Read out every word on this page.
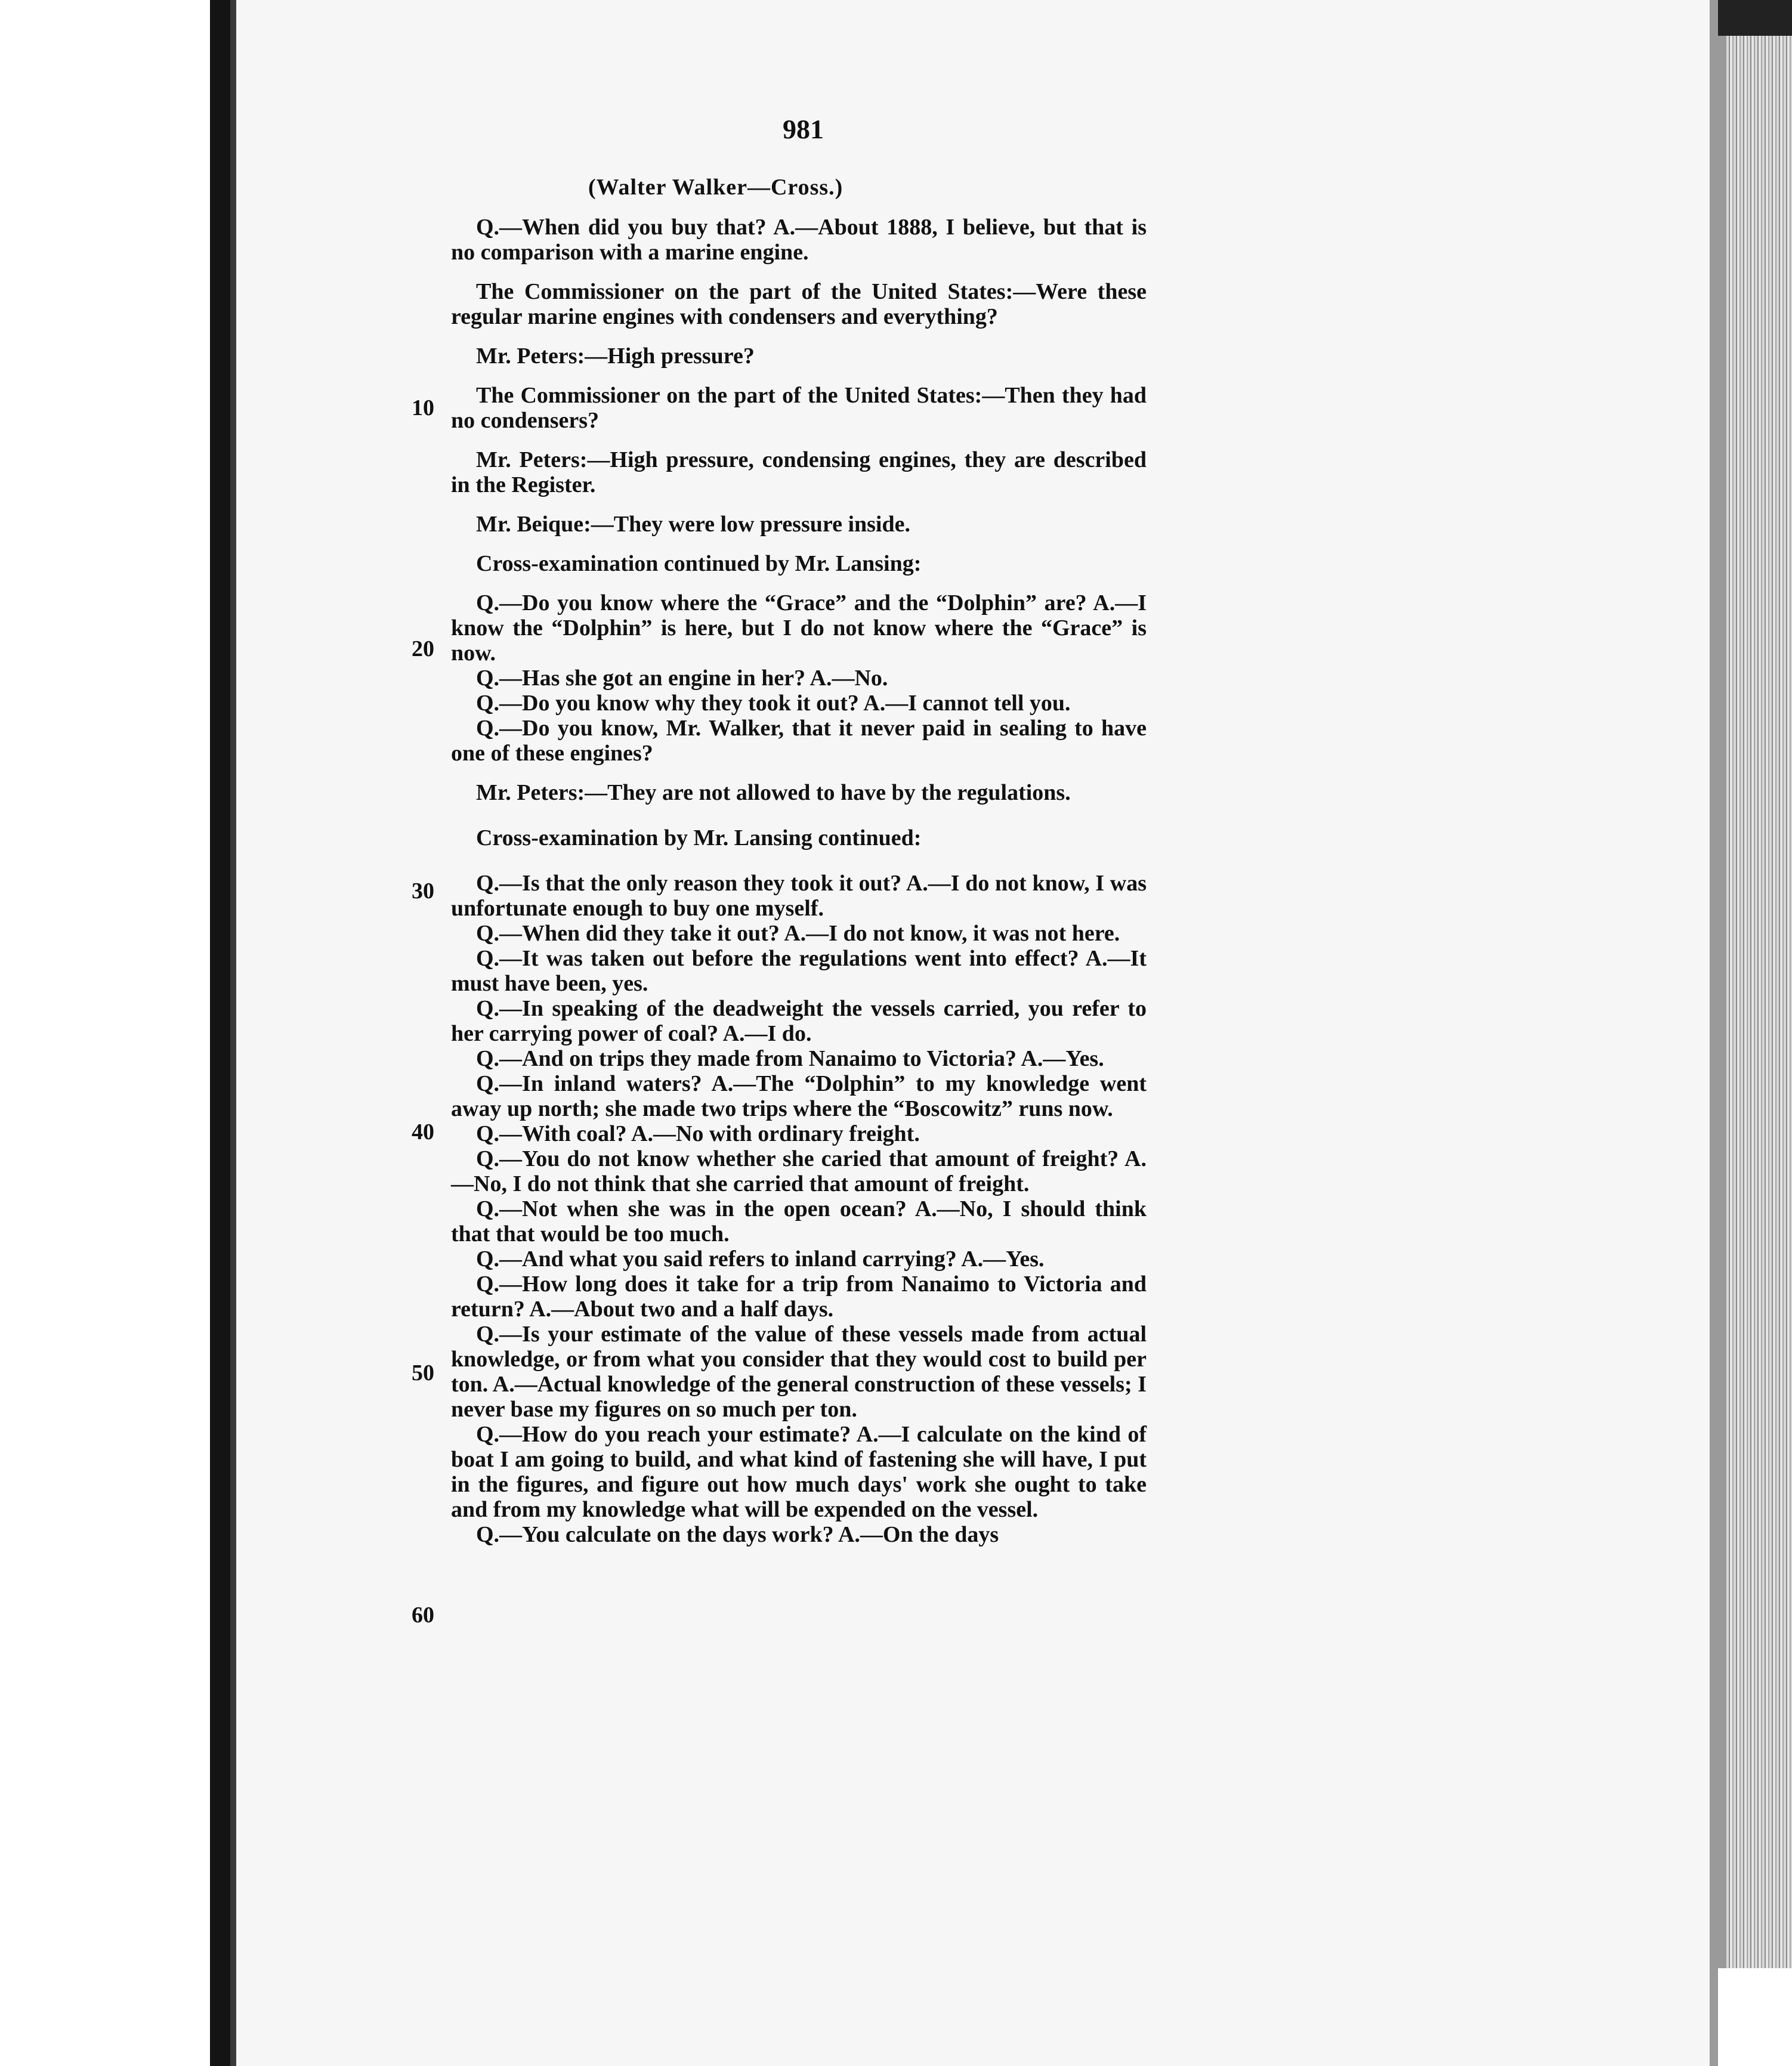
981
(Walter Walker—Cross.)
10
20
30
40
50
60

Q.—When did you buy that? A.—About 1888, I believe, but that is no comparison with a marine engine.

The Commissioner on the part of the United States:—Were these regular marine engines with condensers and everything?

Mr. Peters:—High pressure?

The Commissioner on the part of the United States:—Then they had no condensers?

Mr. Peters:—High pressure, condensing engines, they are described in the Register.

Mr. Beique:—They were low pressure inside.

Cross-examination continued by Mr. Lansing:

Q.—Do you know where the “Grace” and the “Dolphin” are? A.—I know the “Dolphin” is here, but I do not know where the “Grace” is now.

Q.—Has she got an engine in her? A.—No.

Q.—Do you know why they took it out? A.—I cannot tell you.

Q.—Do you know, Mr. Walker, that it never paid in sealing to have one of these engines?

Mr. Peters:—They are not allowed to have by the regulations.

Cross-examination by Mr. Lansing continued:

Q.—Is that the only reason they took it out? A.—I do not know, I was unfortunate enough to buy one myself.

Q.—When did they take it out? A.—I do not know, it was not here.

Q.—It was taken out before the regulations went into effect? A.—It must have been, yes.

Q.—In speaking of the deadweight the vessels carried, you refer to her carrying power of coal? A.—I do.

Q.—And on trips they made from Nanaimo to Victoria? A.—Yes.

Q.—In inland waters? A.—The “Dolphin” to my knowledge went away up north; she made two trips where the “Boscowitz” runs now.

Q.—With coal? A.—No with ordinary freight.

Q.—You do not know whether she caried that amount of freight? A.—No, I do not think that she carried that amount of freight.

Q.—Not when she was in the open ocean? A.—No, I should think that that would be too much.

Q.—And what you said refers to inland carrying? A.—Yes.

Q.—How long does it take for a trip from Nanaimo to Victoria and return? A.—About two and a half days.

Q.—Is your estimate of the value of these vessels made from actual knowledge, or from what you consider that they would cost to build per ton. A.—Actual knowledge of the general construction of these vessels; I never base my figures on so much per ton.

Q.—How do you reach your estimate? A.—I calculate on the kind of boat I am going to build, and what kind of fastening she will have, I put in the figures, and figure out how much days' work she ought to take and from my knowledge what will be expended on the vessel.

Q.—You calculate on the days work? A.—On the days
